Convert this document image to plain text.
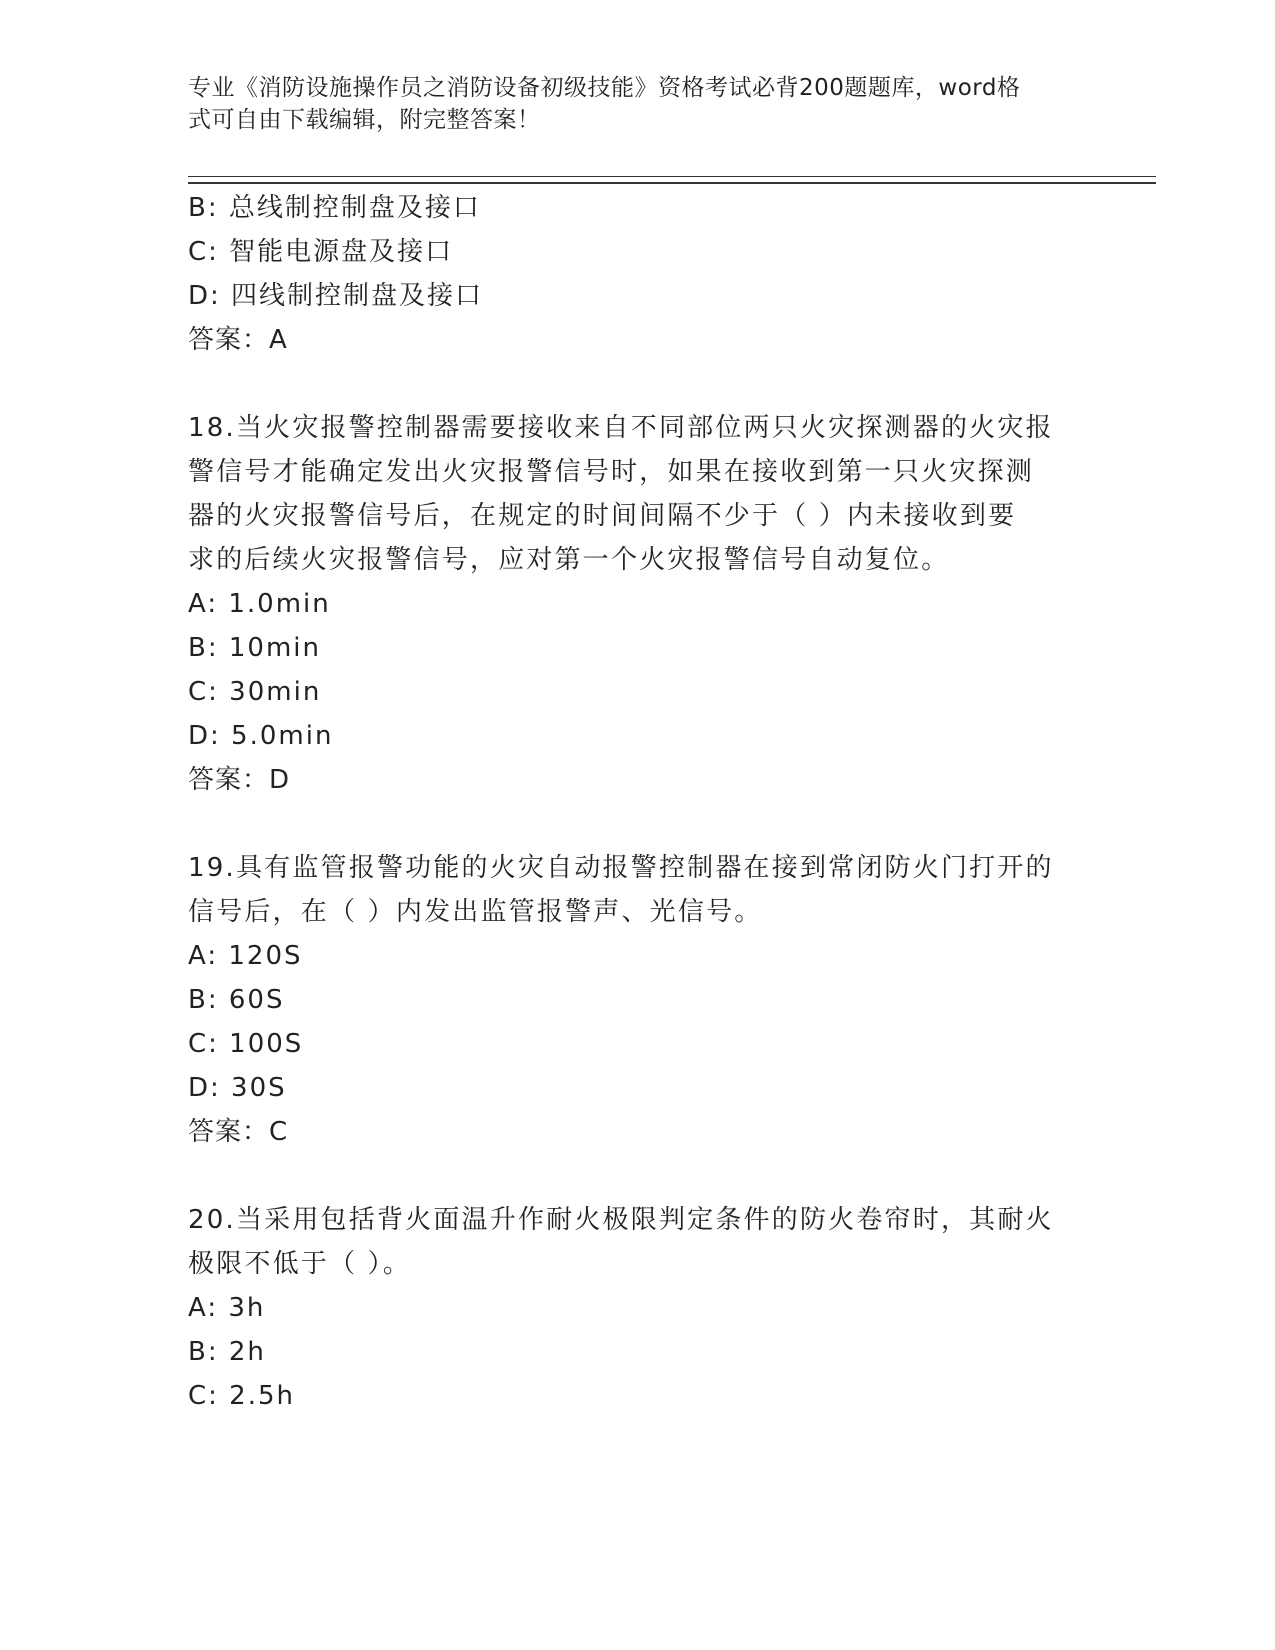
专业《消防设施操作员之消防设备初级技能》资格考试必背200题题库，word格
式可自由下载编辑，附完整答案！
B: 总线制控制盘及接口
C: 智能电源盘及接口
D: 四线制控制盘及接口
答案：A
18.当火灾报警控制器需要接收来自不同部位两只火灾探测器的火灾报
警信号才能确定发出火灾报警信号时，如果在接收到第一只火灾探测
器的火灾报警信号后，在规定的时间间隔不少于（ ）内未接收到要
求的后续火灾报警信号，应对第一个火灾报警信号自动复位。
A: 1.0min
B: 10min
C: 30min
D: 5.0min
答案：D
19.具有监管报警功能的火灾自动报警控制器在接到常闭防火门打开的
信号后，在（ ）内发出监管报警声、光信号。
A: 120S
B: 60S
C: 100S
D: 30S
答案：C
20.当采用包括背火面温升作耐火极限判定条件的防火卷帘时，其耐火
极限不低于（ ）。
A: 3h
B: 2h
C: 2.5h
